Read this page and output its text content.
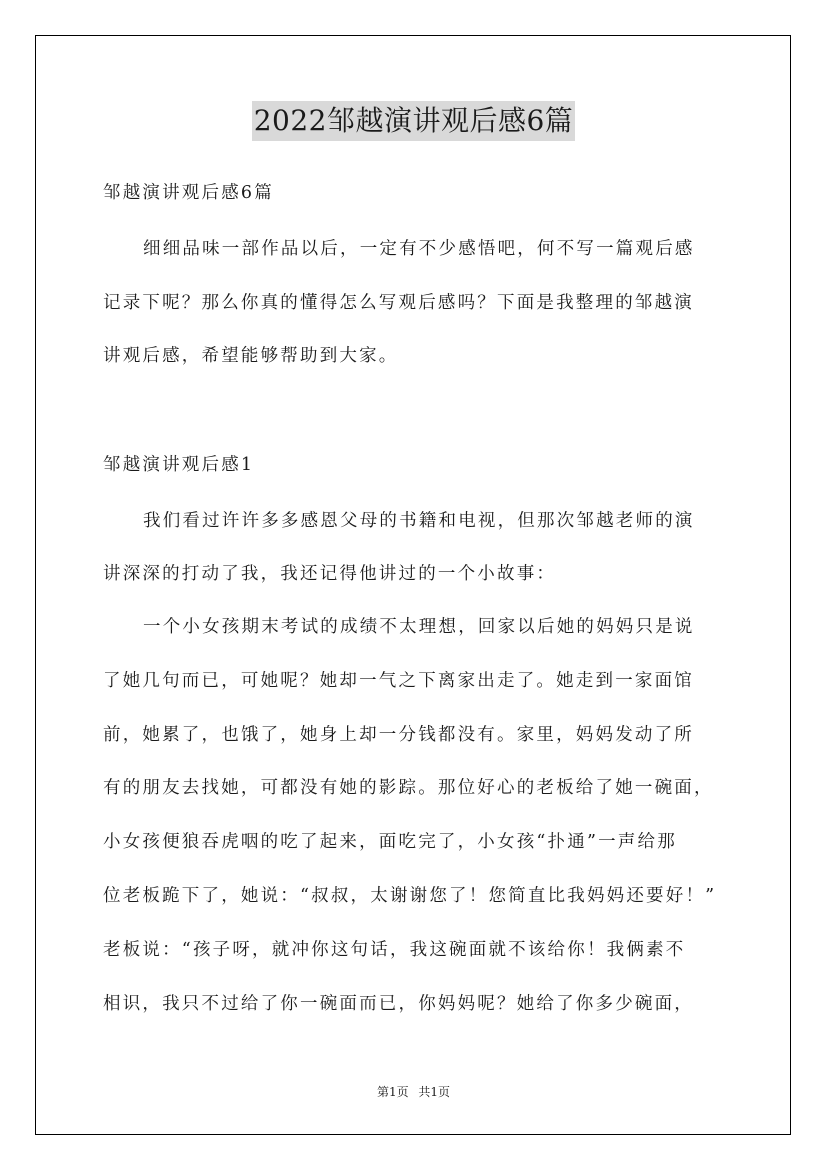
2022邹越演讲观后感6篇
邹越演讲观后感6篇
细细品味一部作品以后，一定有不少感悟吧，何不写一篇观后感
记录下呢？那么你真的懂得怎么写观后感吗？下面是我整理的邹越演
讲观后感，希望能够帮助到大家。
邹越演讲观后感1
我们看过许许多多感恩父母的书籍和电视，但那次邹越老师的演
讲深深的打动了我，我还记得他讲过的一个小故事：
一个小女孩期末考试的成绩不太理想，回家以后她的妈妈只是说
了她几句而已，可她呢？她却一气之下离家出走了。她走到一家面馆
前，她累了，也饿了，她身上却一分钱都没有。家里，妈妈发动了所
有的朋友去找她，可都没有她的影踪。那位好心的老板给了她一碗面，
小女孩便狼吞虎咽的吃了起来，面吃完了，小女孩“扑通”一声给那
位老板跪下了，她说：“叔叔，太谢谢您了！您简直比我妈妈还要好！”
老板说：“孩子呀，就冲你这句话，我这碗面就不该给你！我俩素不
相识，我只不过给了你一碗面而已，你妈妈呢？她给了你多少碗面，
第1页 共1页
